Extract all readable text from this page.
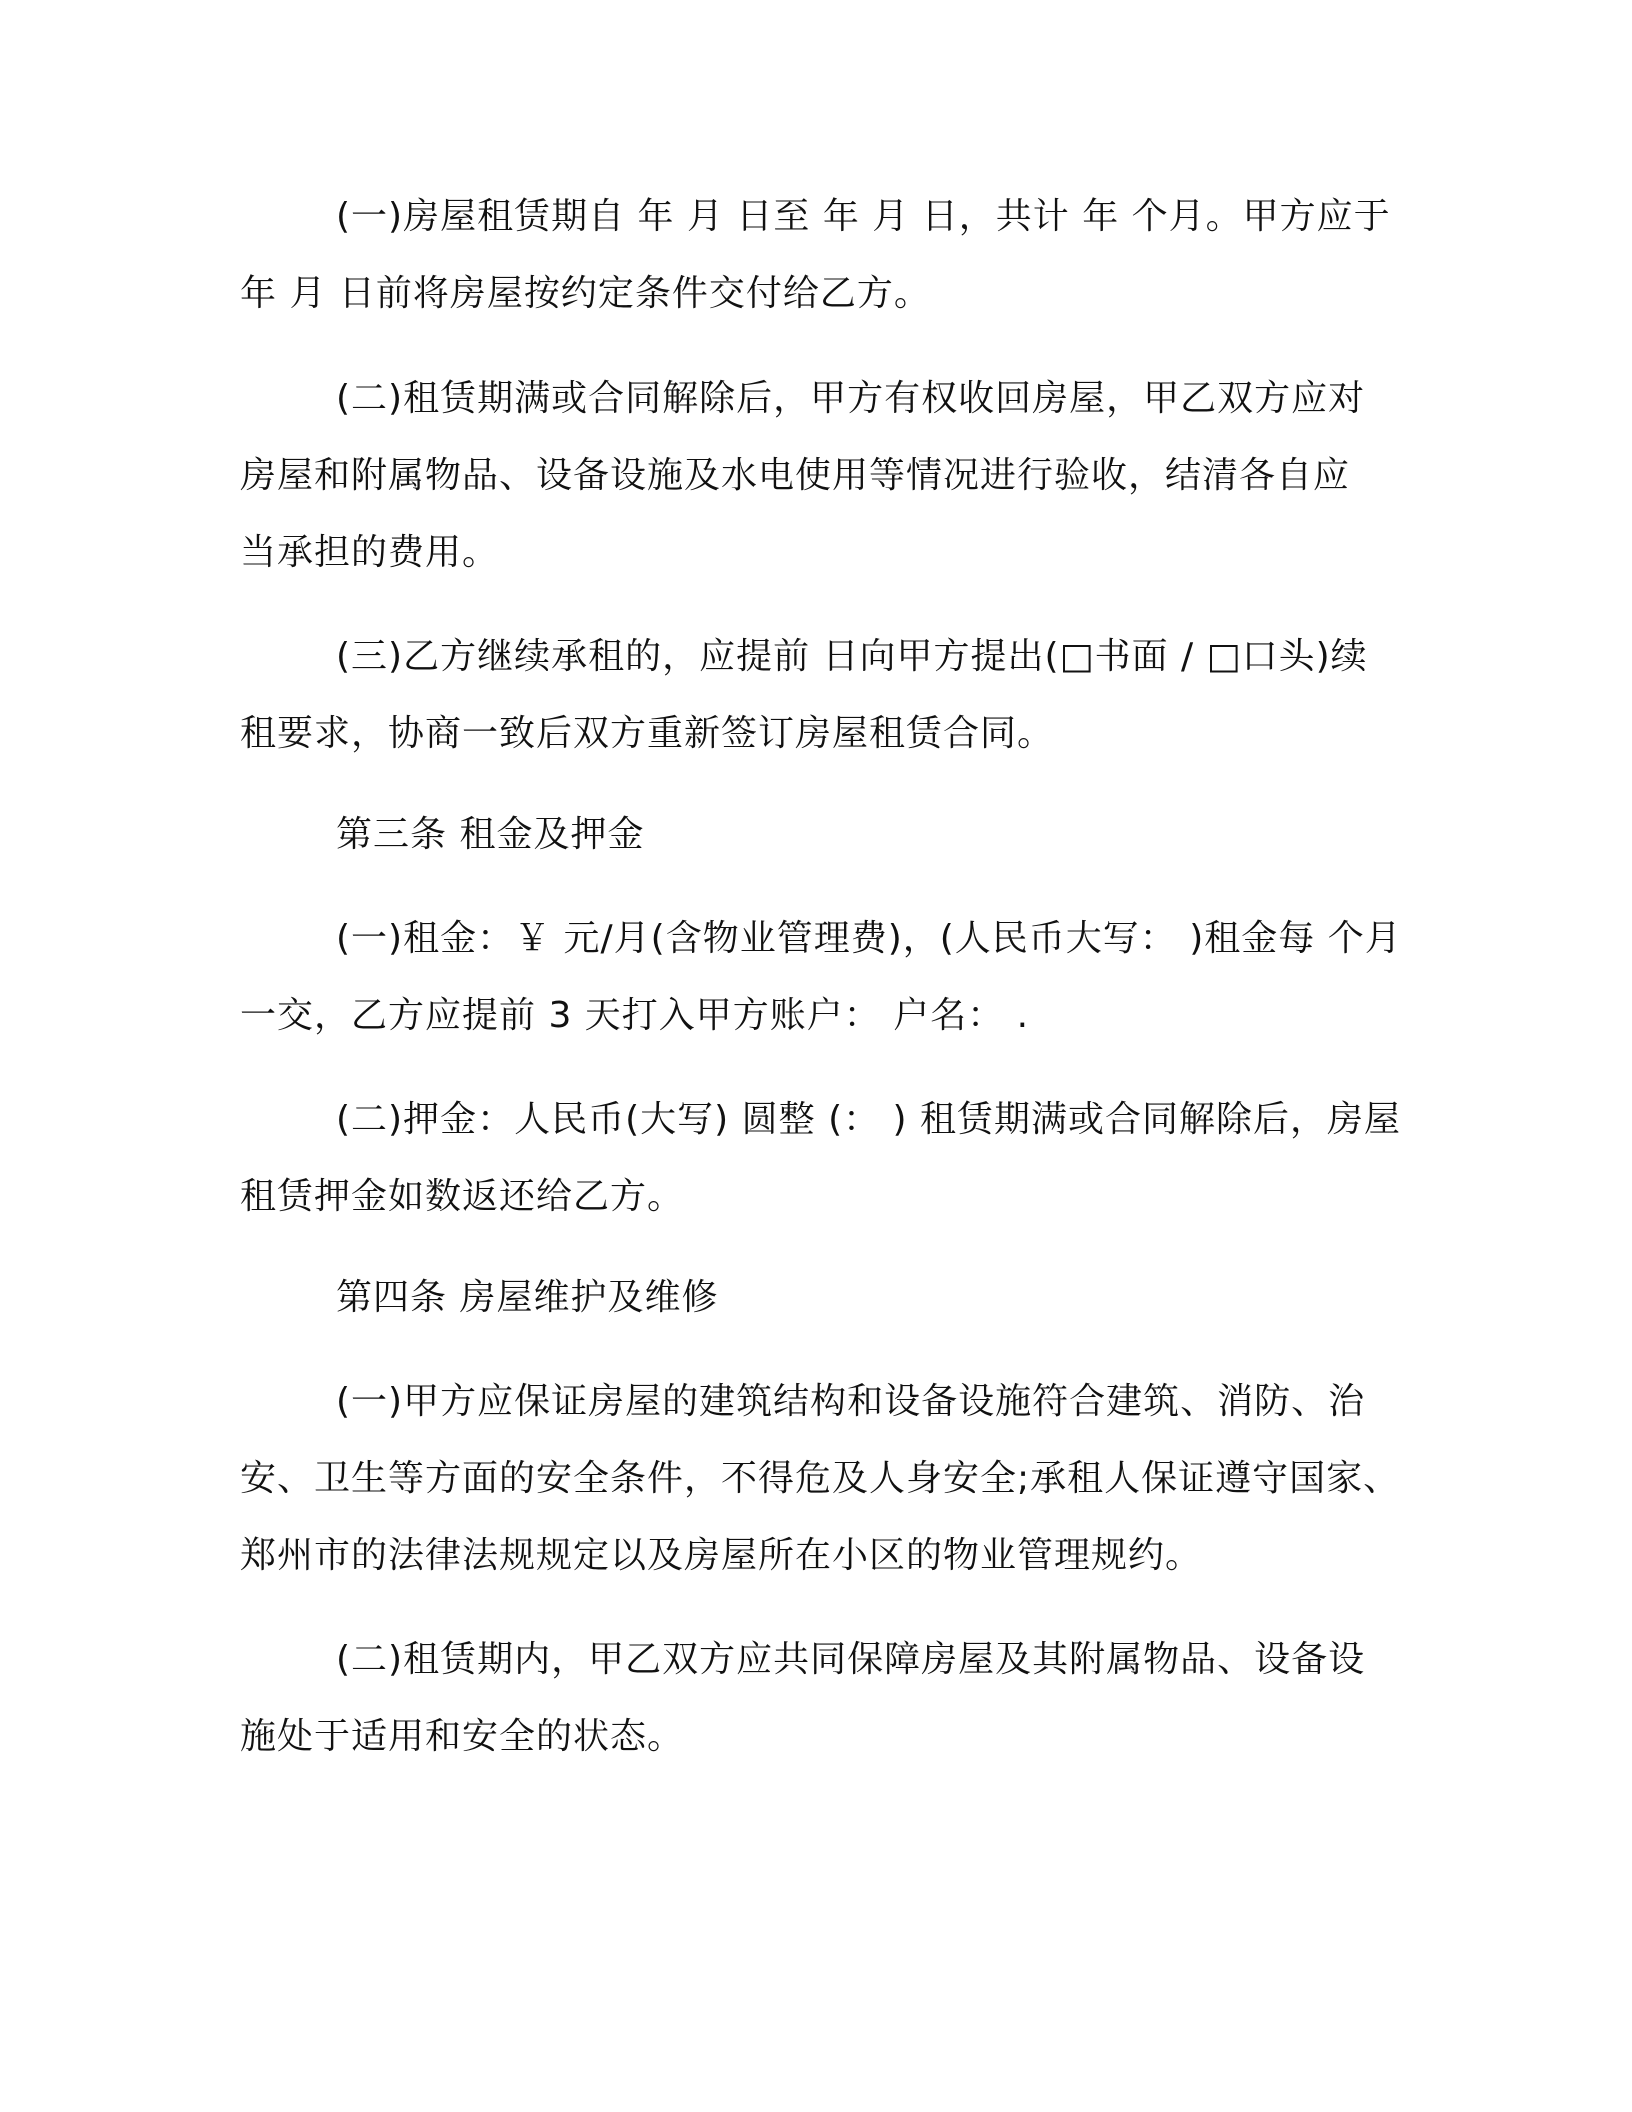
(一)房屋租赁期自 年 月 日至 年 月 日，共计 年 个月。甲方应于
年 月 日前将房屋按约定条件交付给乙方。
(二)租赁期满或合同解除后，甲方有权收回房屋，甲乙双方应对
房屋和附属物品、设备设施及水电使用等情况进行验收，结清各自应
当承担的费用。
(三)乙方继续承租的，应提前 日向甲方提出(□书面 / □口头)续
租要求，协商一致后双方重新签订房屋租赁合同。
第三条 租金及押金
(一)租金：￥ 元/月(含物业管理费)，(人民币大写： )租金每 个月
一交，乙方应提前 3 天打入甲方账户： 户名： .
(二)押金：人民币(大写) 圆整 (： ) 租赁期满或合同解除后，房屋
租赁押金如数返还给乙方。
第四条 房屋维护及维修
(一)甲方应保证房屋的建筑结构和设备设施符合建筑、消防、治
安、卫生等方面的安全条件，不得危及人身安全;承租人保证遵守国家、
郑州市的法律法规规定以及房屋所在小区的物业管理规约。
(二)租赁期内，甲乙双方应共同保障房屋及其附属物品、设备设
施处于适用和安全的状态。
